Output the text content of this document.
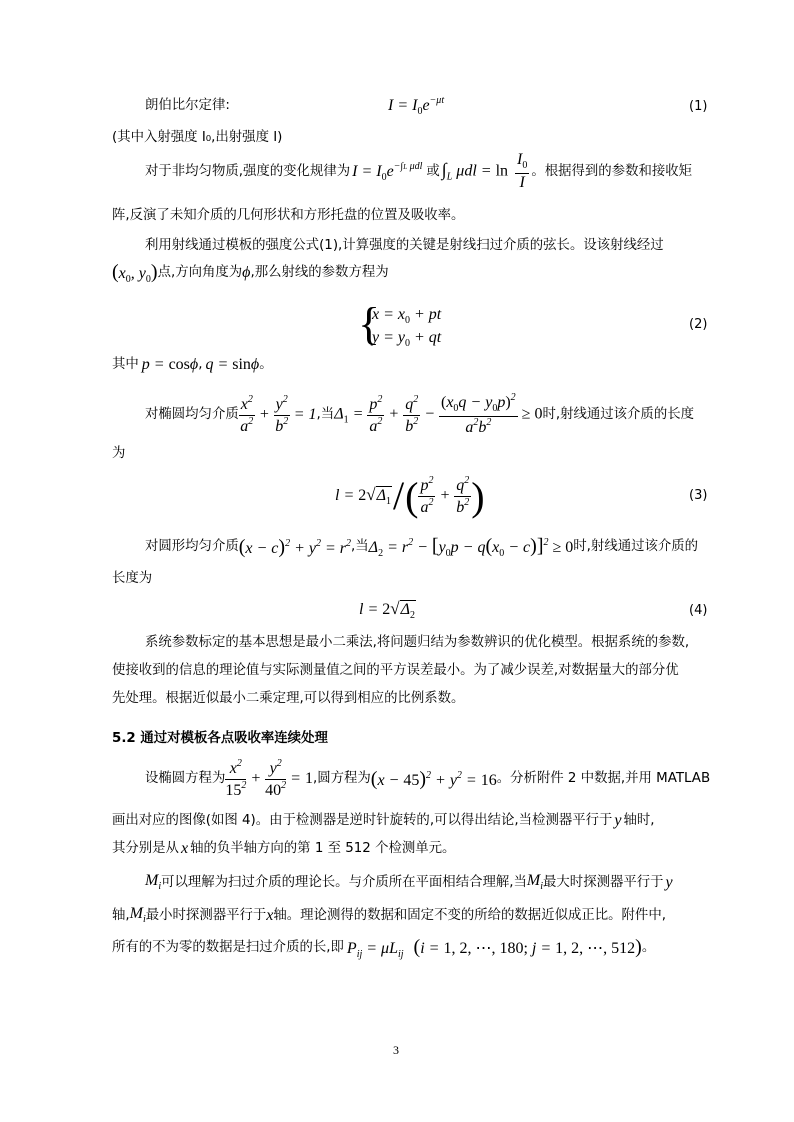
朗伯比尔定律:	$I = I_0e^{-\mu t}$	(1)
(其中入射强度 I₀,出射强度 I)
对于非均匀物质,强度的变化规律为 $I = I_0e^{-\int L \mu dl}$ 或 $\int_L$ $\mu dl = \ln \frac{I_0}{I}$ 。根据得到的参数和接收矩
阵,反演了未知介质的几何形状和方形托盘的位置及吸收率。
利用射线通过模板的强度公式(1),计算强度的关键是射线扫过介质的弦长。设该射线经过
($x_0$, $y_0$) 点,方向角度为 ϕ ,那么射线的参数方程为
{
$x = x_0$ + pt
$y = y_0$ + qt
(2)
其中 p = cosϕ , q = sinϕ 。
对椭圆均匀介质 $\frac{x^2}{a^2} + \frac{y^2}{b^2} = 1$ ,当 $\Delta_1 = \frac{p^2}{a^2} + \frac{q^2}{b^2} - \frac{(x_0q - y_0p)^2}{a^2b^2} \ge 0$ 时,射线通过该介质的长度
为
$l = 2√\Delta_1$ / ( $\frac{p^2}{a^2} + \frac{q^2}{b^2}$ )	(3)
对圆形均匀介质 $(x - c)^2 + y^2 = r^2$ ,当 $\Delta_2 = r^2 - [y_0p - q(x_0 - c)]^2 \ge 0$ 时,射线通过该介质的
长度为
$l = 2√\Delta_2$	(4)
系统参数标定的基本思想是最小二乘法,将问题归结为参数辨识的优化模型。根据系统的参数,
使接收到的信息的理论值与实际测量值之间的平方误差最小。为了减少误差,对数据量大的部分优
先处理。根据近似最小二乘定理,可以得到相应的比例系数。
5.2 通过对模板各点吸收率连续处理
设椭圆方程为 $\frac{x^2}{15^2} + \frac{y^2}{40^2} = 1$ ,圆方程为 $(x - 45)^2 + y^2 = 16$ 。分析附件 2 中数据,并用 MATLAB
画出对应的图像(如图 4)。由于检测器是逆时针旋转的,可以得出结论,当检测器平行于 y 轴时,
其分别是从 x 轴的负半轴方向的第 1 至 512 个检测单元。
$M_i$ 可以理解为扫过介质的理论长。与介质所在平面相结合理解,当 $M_i$ 最大时探测器平行于 y
轴, $M_i$ 最小时探测器平行于 x 轴。理论测得的数据和固定不变的所给的数据近似成正比。附件中,
所有的不为零的数据是扫过介质的长,即 $P_{ij} = \mu L_{ij}$ (i = 1, 2, ⋯, 180; j = 1, 2, ⋯, 512) 。
3
